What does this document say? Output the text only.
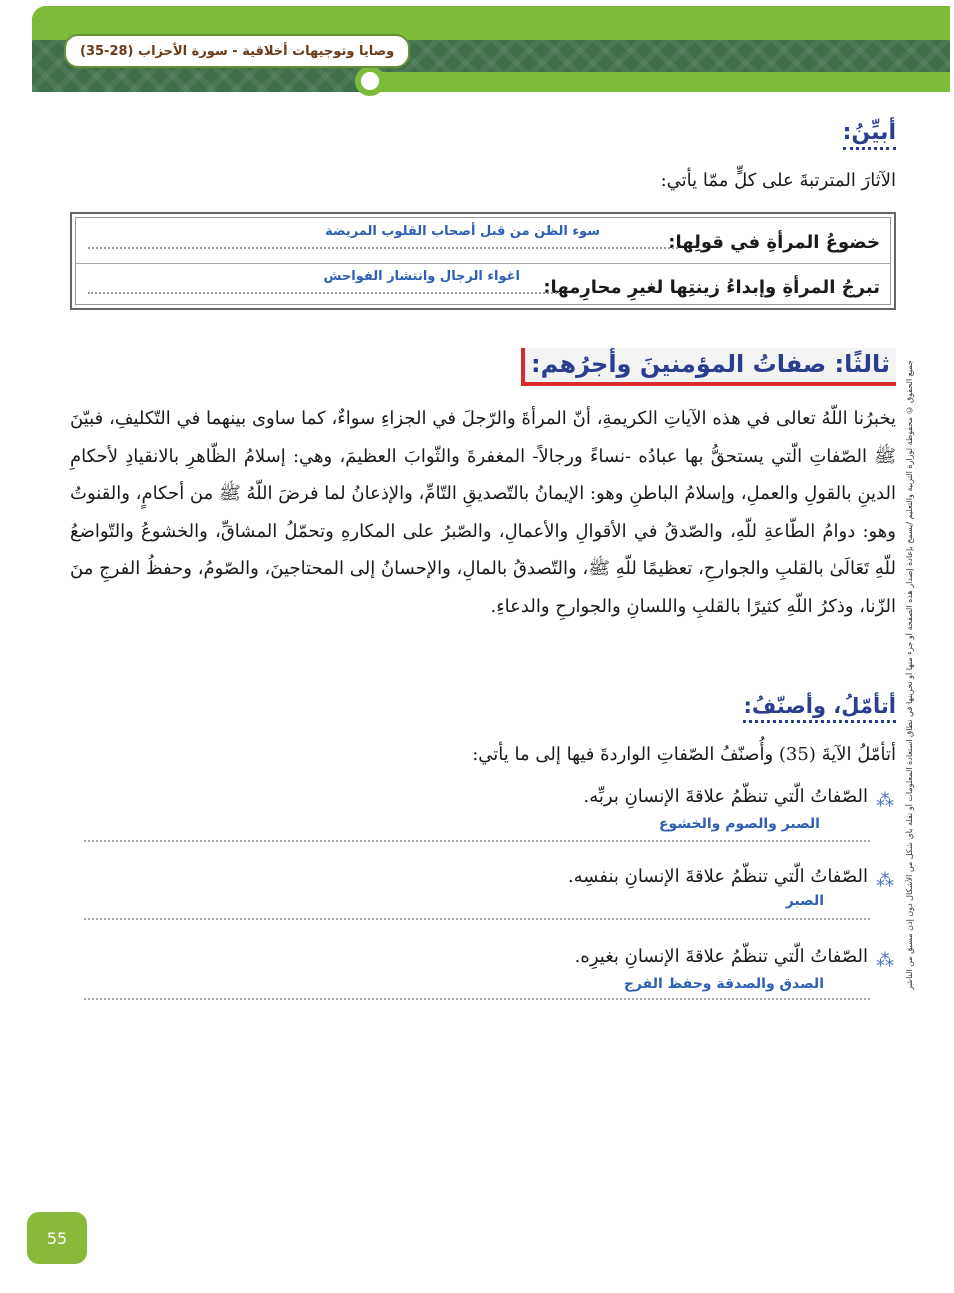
وصايا وتوجيهات أخلاقية - سورة الأحزاب (28-35)
أبيِّنُ:
الآثارَ المترتبةَ على كلٍّ ممّا يأتي:
خضوعُ المرأةِ في قولِها:
سوء الظن من قبل أصحاب القلوب المريضة
تبرجُ المرأةِ وإبداءُ زينتِها لغيرِ محارِمها:
اغواء الرجال وانتشار الفواحش
ثالثًا: صفاتُ المؤمنينَ وأجرُهم:
يخبرُنا اللّهُ تعالى في هذه الآياتِ الكريمةِ، أنّ المرأةَ والرّجلَ في الجزاءِ سواءٌ، كما ساوى بينهما في التّكليفِ، فبيّنَ ﷺ الصّفاتِ الّتي يستحقُّ بها عبادُه -نساءً ورجالاً- المغفرةَ والثّوابَ العظيمَ، وهي: إسلامُ الظّاهرِ بالانقيادِ لأحكامِ الدينِ بالقولِ والعملِ، وإسلامُ الباطنِ وهو: الإيمانُ بالتّصديقِ التّامِّ، والإذعانُ لما فرضَ اللّهُ ﷺ من أحكامٍ، والقنوتُ وهو: دوامُ الطّاعةِ للّهِ، والصّدقُ في الأقوالِ والأعمالِ، والصّبرُ على المكارهِ وتحمّلُ المشاقِّ، والخشوعُ والتّواضعُ للّهِ تَعَالَىٰ بالقلبِ والجوارحِ، تعظيمًا للّهِ ﷺ، والتّصدقُ بالمالِ، والإحسانُ إلى المحتاجينَ، والصّومُ، وحفظُ الفرجِ منَ الزّنا، وذكرُ اللّهِ كثيرًا بالقلبِ واللسانِ والجوارحِ والدعاءِ.
أتأمّلُ، وأصنّفُ:
أتأمّلُ الآيةَ (35) وأُصنّفُ الصّفاتِ الواردةَ فيها إلى ما يأتي:
⁂
الصّفاتُ الّتي تنظّمُ علاقةَ الإنسانِ بربِّه.
الصبر والصوم والخشوع
⁂
الصّفاتُ الّتي تنظّمُ علاقةَ الإنسانِ بنفسِه.
الصبر
⁂
الصّفاتُ الّتي تنظّمُ علاقةَ الإنسانِ بغيرِه.
الصدق والصدقة وحفظ الفرج	جميع الحقوق © محفوظة لوزارة التربية والتعليم /يسمح بإعادة إصدار هذه الصفحة أو جزء منها أو تخزينها في نطاق استعادة المعلومات أو نقله بأي شكل من الأشكال دون إذن مسبق من الناشر
55
